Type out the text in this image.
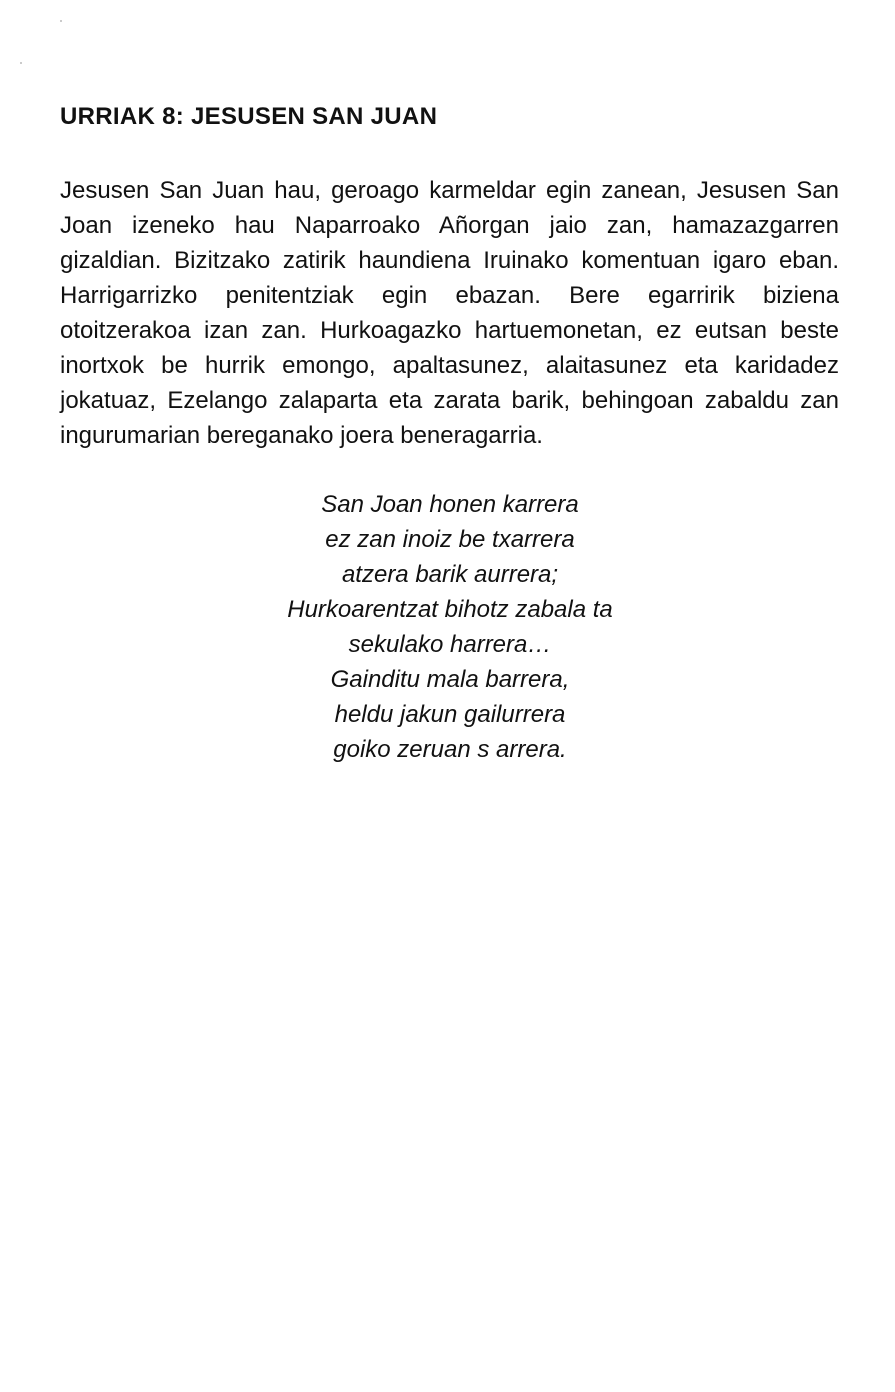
URRIAK 8: JESUSEN SAN JUAN
Jesusen San Juan hau, geroago karmeldar egin zanean, Jesusen San
Joan izeneko hau Naparroako Añorgan jaio zan, hamazazgarren
gizaldian. Bizitzako zatirik haundiena Iruinako komentuan igaro eban.
Harrigarrizko penitentziak egin ebazan. Bere egarririk biziena
otoitzerakoa izan zan. Hurkoagazko hartuemonetan, ez eutsan beste
inortxok be hurrik emongo, apaltasunez, alaitasunez eta karidadez
jokatuaz, Ezelango zalaparta eta zarata barik, behingoan zabaldu zan
ingurumarian bereganako joera beneragarria.
San Joan honen karrera
ez zan inoiz be txarrera
atzera barik aurrera;
Hurkoarentzat bihotz zabala ta
sekulako harrera…
Gainditu mala barrera,
heldu jakun gailurrera
goiko zeruan s arrera.
